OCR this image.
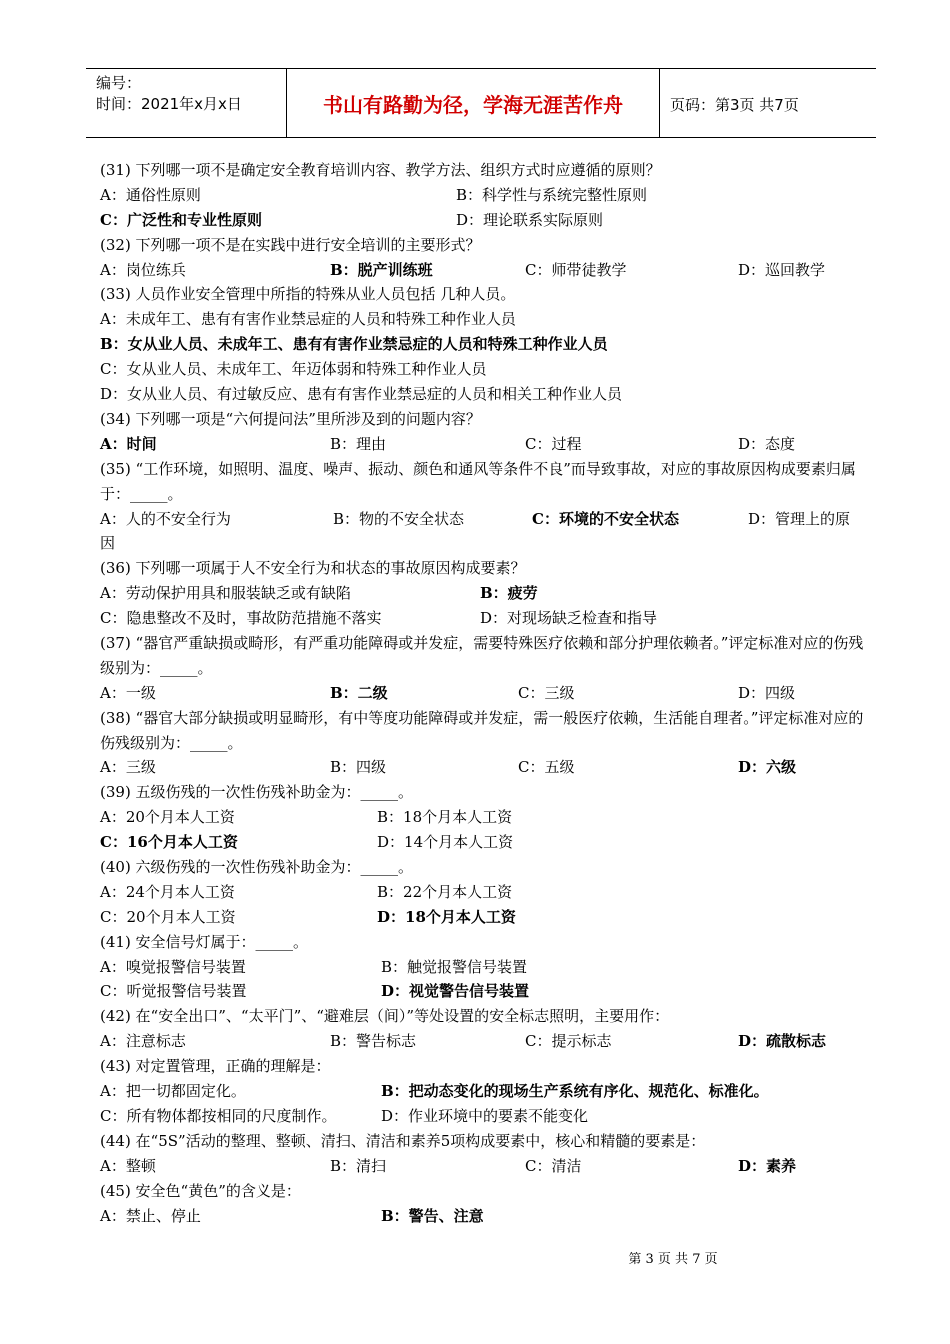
编号：
时间：2021年x月x日	书山有路勤为径，学海无涯苦作舟	页码：第3页 共7页
(31) 下列哪一项不是确定安全教育培训内容、教学方法、组织方式时应遵循的原则？
A：通俗性原则	B：科学性与系统完整性原则
C：广泛性和专业性原则	D：理论联系实际原则
(32) 下列哪一项不是在实践中进行安全培训的主要形式？
A：岗位练兵	B：脱产训练班	C：师带徒教学	D：巡回教学
(33) 人员作业安全管理中所指的特殊从业人员包括 几种人员。
A：未成年工、患有有害作业禁忌症的人员和特殊工种作业人员
B：女从业人员、未成年工、患有有害作业禁忌症的人员和特殊工种作业人员
C：女从业人员、未成年工、年迈体弱和特殊工种作业人员
D：女从业人员、有过敏反应、患有有害作业禁忌症的人员和相关工种作业人员
(34) 下列哪一项是“六何提问法”里所涉及到的问题内容？
A：时间	B：理由	C：过程	D：态度
(35) “工作环境，如照明、温度、噪声、振动、颜色和通风等条件不良”而导致事故，对应的事故原因构成要素归属于：_____。
A：人的不安全行为	B：物的不安全状态	C：环境的不安全状态	D：管理上的原
因
(36) 下列哪一项属于人不安全行为和状态的事故原因构成要素？
A：劳动保护用具和服装缺乏或有缺陷	B：疲劳
C：隐患整改不及时，事故防范措施不落实	D：对现场缺乏检查和指导
(37) “器官严重缺损或畸形，有严重功能障碍或并发症，需要特殊医疗依赖和部分护理依赖者。”评定标准对应的伤残级别为：_____。
A：一级	B：二级	C：三级	D：四级
(38) “器官大部分缺损或明显畸形，有中等度功能障碍或并发症，需一般医疗依赖，生活能自理者。”评定标准对应的伤残级别为：_____。
A：三级	B：四级	C：五级	D：六级
(39) 五级伤残的一次性伤残补助金为：_____。
A：20个月本人工资	B：18个月本人工资
C：16个月本人工资	D：14个月本人工资
(40) 六级伤残的一次性伤残补助金为：_____。
A：24个月本人工资	B：22个月本人工资
C：20个月本人工资	D：18个月本人工资
(41) 安全信号灯属于：_____。
A：嗅觉报警信号装置	B：触觉报警信号装置
C：听觉报警信号装置	D：视觉警告信号装置
(42) 在“安全出口”、“太平门”、“避难层（间）”等处设置的安全标志照明，主要用作：
A：注意标志	B：警告标志	C：提示标志	D：疏散标志
(43) 对定置管理，正确的理解是：
A：把一切都固定化。	B：把动态变化的现场生产系统有序化、规范化、标准化。
C：所有物体都按相同的尺度制作。	D：作业环境中的要素不能变化
(44) 在“5S”活动的整理、整顿、清扫、清洁和素养5项构成要素中，核心和精髓的要素是：
A：整顿	B：清扫	C：清洁	D：素养
(45) 安全色“黄色”的含义是：
A：禁止、停止	B：警告、注意
第 3 页 共 7 页
